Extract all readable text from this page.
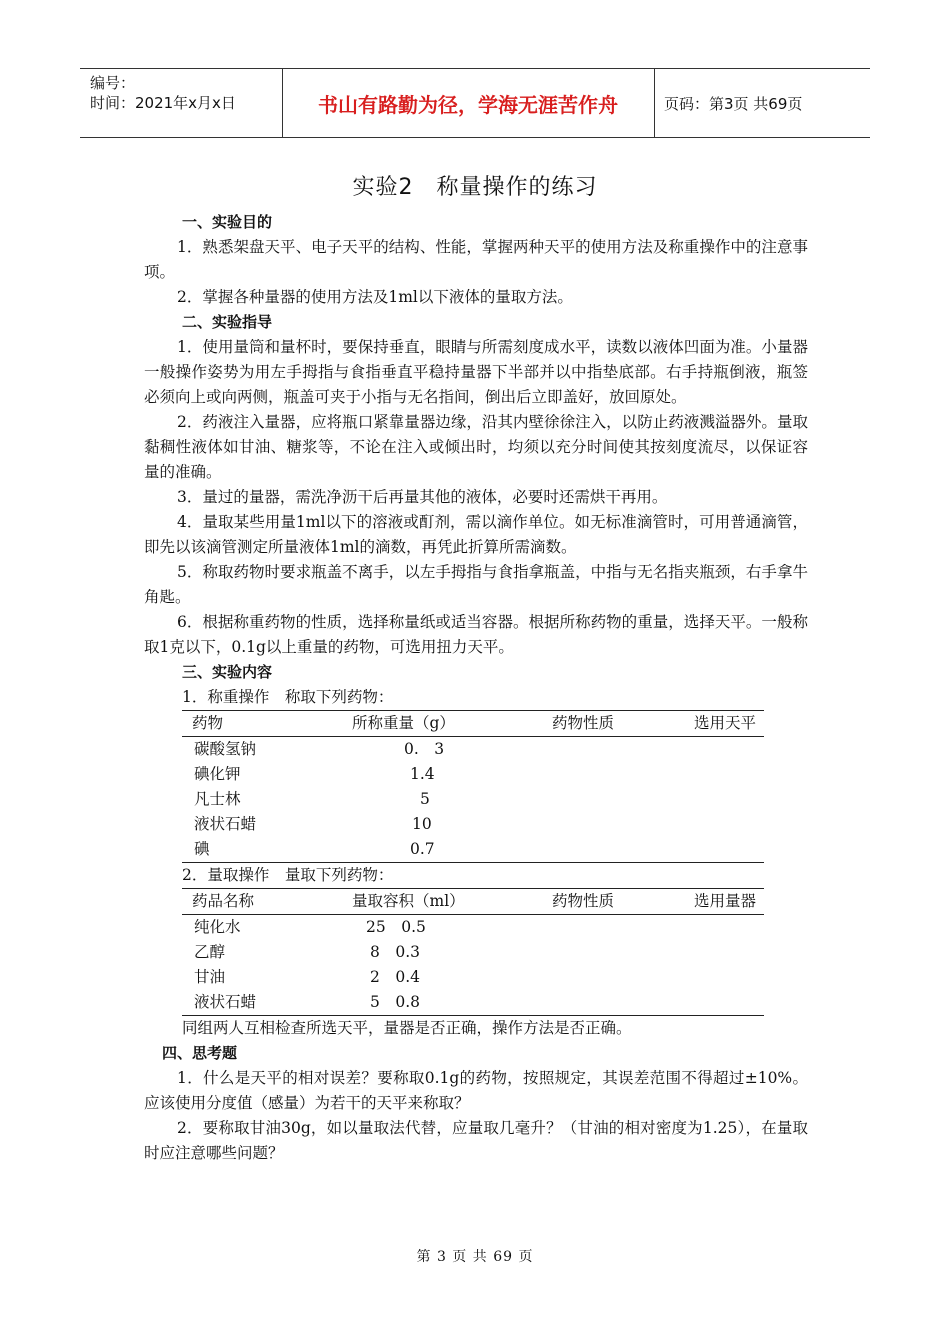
编号：
时间：2021年x月x日	书山有路勤为径，学海无涯苦作舟	页码：第3页 共69页
实验2　称量操作的练习

一、实验目的

1．熟悉架盘天平、电子天平的结构、性能，掌握两种天平的使用方法及称重操作中的注意事项。

2．掌握各种量器的使用方法及1ml以下液体的量取方法。

二、实验指导

1．使用量筒和量杯时，要保持垂直，眼睛与所需刻度成水平，读数以液体凹面为准。小量器一般操作姿势为用左手拇指与食指垂直平稳持量器下半部并以中指垫底部。右手持瓶倒液，瓶签必须向上或向两侧，瓶盖可夹于小指与无名指间，倒出后立即盖好，放回原处。

2．药液注入量器，应将瓶口紧靠量器边缘，沿其内壁徐徐注入，以防止药液溅溢器外。量取黏稠性液体如甘油、糖浆等，不论在注入或倾出时，均须以充分时间使其按刻度流尽，以保证容量的准确。

3．量过的量器，需洗净沥干后再量其他的液体，必要时还需烘干再用。

4．量取某些用量1ml以下的溶液或酊剂，需以滴作单位。如无标准滴管时，可用普通滴管，即先以该滴管测定所量液体1ml的滴数，再凭此折算所需滴数。

5．称取药物时要求瓶盖不离手，以左手拇指与食指拿瓶盖，中指与无名指夹瓶颈，右手拿牛角匙。

6．根据称重药物的性质，选择称量纸或适当容器。根据所称药物的重量，选择天平。一般称取1克以下，0.1g以上重量的药物，可选用扭力天平。

三、实验内容

1．称重操作　称取下列药物：

药物	所称重量（g）	药物性质	选用天平
碳酸氢钠	0.　3		
碘化钾	1.4		
凡士林	5		
液状石蜡	10		
碘	0.7		

2．量取操作　量取下列药物：

药品名称	量取容积（ml）	药物性质	选用量器
纯化水	25　0.5		
乙醇	8　0.3		
甘油	2　0.4		
液状石蜡	5　0.8		

同组两人互相检查所选天平，量器是否正确，操作方法是否正确。

四、思考题

1．什么是天平的相对误差？要称取0.1g的药物，按照规定，其误差范围不得超过±10%。应该使用分度值（感量）为若干的天平来称取？

2．要称取甘油30g，如以量取法代替，应量取几毫升？（甘油的相对密度为1.25），在量取时应注意哪些问题？

第 3 页 共 69 页
